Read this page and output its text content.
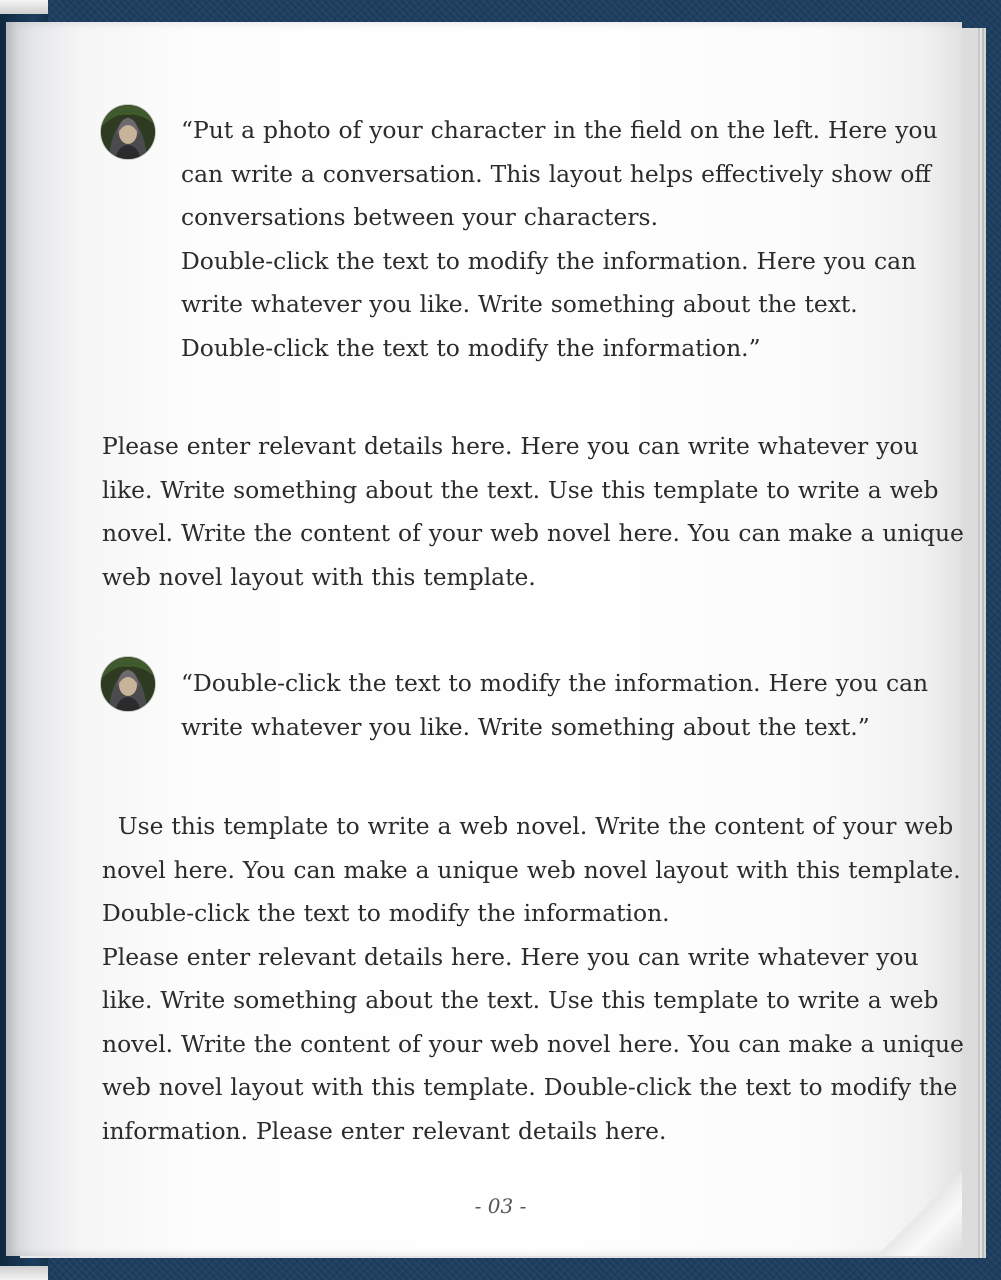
“Put a photo of your character in the field on the left. Here you
can write a conversation. This layout helps effectively show off
conversations between your characters.
Double-click the text to modify the information. Here you can
write whatever you like. Write something about the text.
Double-click the text to modify the information.”
Please enter relevant details here. Here you can write whatever you
like. Write something about the text. Use this template to write a web
novel. Write the content of your web novel here. You can make a unique
web novel layout with this template.
“Double-click the text to modify the information. Here you can
write whatever you like. Write something about the text.”
Use this template to write a web novel. Write the content of your web
novel here. You can make a unique web novel layout with this template.
Double-click the text to modify the information.
Please enter relevant details here. Here you can write whatever you
like. Write something about the text. Use this template to write a web
novel. Write the content of your web novel here. You can make a unique
web novel layout with this template. Double-click the text to modify the
information. Please enter relevant details here.
- 03 -
